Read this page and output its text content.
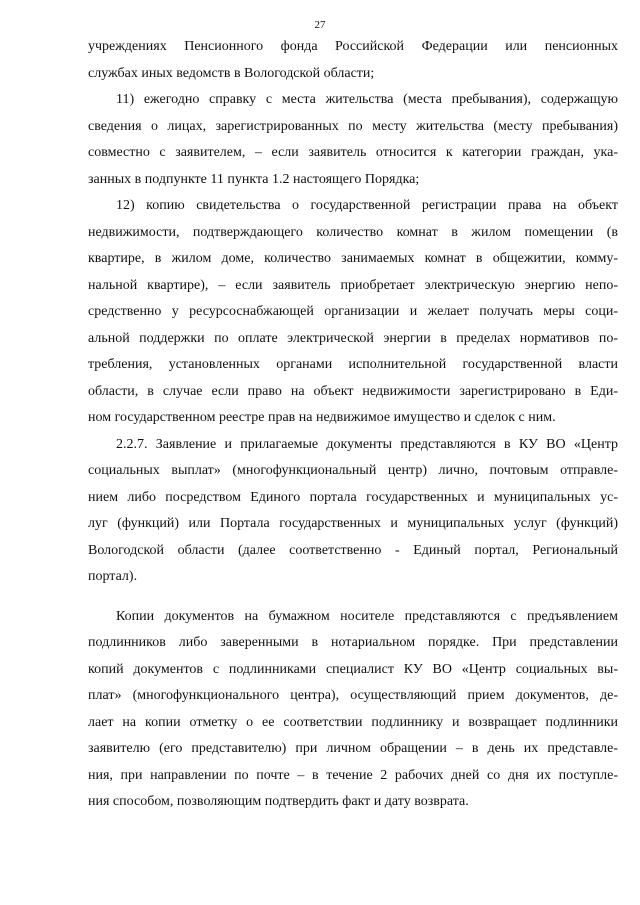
27
учреждениях Пенсионного фонда Российской Федерации или пенсионных
службах иных ведомств в Вологодской области;
11) ежегодно справку с места жительства (места пребывания), содержащую
сведения о лицах, зарегистрированных по месту жительства (месту пребывания)
совместно с заявителем, – если заявитель относится к категории граждан, ука-
занных в подпункте 11 пункта 1.2 настоящего Порядка;
12) копию свидетельства о государственной регистрации права на объект
недвижимости, подтверждающего количество комнат в жилом помещении (в
квартире, в жилом доме, количество занимаемых комнат в общежитии, комму-
нальной квартире), – если заявитель приобретает электрическую энергию непо-
средственно у ресурсоснабжающей организации и желает получать меры соци-
альной поддержки по оплате электрической энергии в пределах нормативов по-
требления, установленных органами исполнительной государственной власти
области, в случае если право на объект недвижимости зарегистрировано в Еди-
ном государственном реестре прав на недвижимое имущество и сделок с ним.
2.2.7. Заявление и прилагаемые документы представляются в КУ ВО «Центр
социальных выплат» (многофункциональный центр) лично, почтовым отправле-
нием либо посредством Единого портала государственных и муниципальных ус-
луг (функций) или Портала государственных и муниципальных услуг (функций)
Вологодской области (далее соответственно - Единый портал, Региональный
портал).
Копии документов на бумажном носителе представляются с предъявлением
подлинников либо заверенными в нотариальном порядке. При представлении
копий документов с подлинниками специалист КУ ВО «Центр социальных вы-
плат» (многофункционального центра), осуществляющий прием документов, де-
лает на копии отметку о ее соответствии подлиннику и возвращает подлинники
заявителю (его представителю) при личном обращении – в день их представле-
ния, при направлении по почте – в течение 2 рабочих дней со дня их поступле-
ния способом, позволяющим подтвердить факт и дату возврата.
